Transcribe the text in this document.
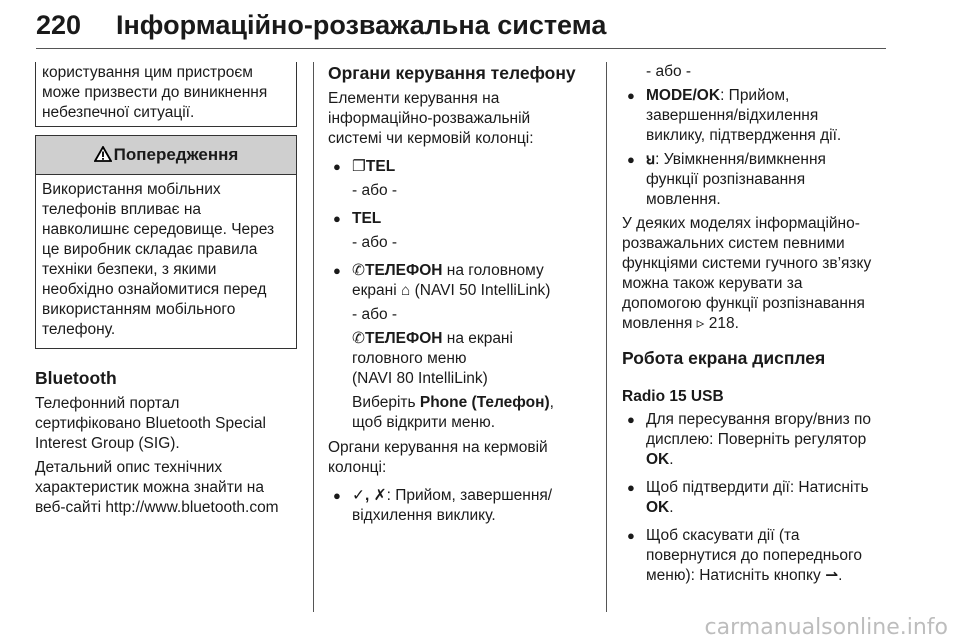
220 Інформаційно-розважальна система

користування цим пристроєм

може призвести до виникнення

небезпечної ситуації.

Попередження

Використання мобільних

телефонів впливає на

навколишнє середовище. Через

це виробник складає правила

техніки безпеки, з якими

необхідно ознайомитися перед

використанням мобільного

телефону.

Bluetooth

Телефонний портал

сертифіковано Bluetooth Special

Interest Group (SIG).

Детальний опис технічних

характеристик можна знайти на

веб-сайті http://www.bluetooth.com

Органи керування телефону

Елементи керування на

інформаційно-розважальній

системі чи кермовій колонці:

● ❐TEL

- або -

● TEL

- або -

● ✆ТЕЛЕФОН на головному

екрані ⌂ (NAVI 50 IntelliLink)

- або -

✆ТЕЛЕФОН на екрані

головного меню

(NAVI 80 IntelliLink)

Виберіть Phone (Телефон),

щоб відкрити меню.

Органи керування на кермовій

колонці:

● ✓, ✗: Прийом, завершення/

відхилення виклику.

- або -

● MODE/OK: Прийом,

завершення/відхилення

виклику, підтвердження дії.

● ꞟ: Увімкнення/вимкнення

функції розпізнавання

мовлення.

У деяких моделях інформаційно-

розважальних систем певними

функціями системи гучного зв’язку

можна також керувати за

допомогою функції розпізнавання

мовлення ▹ 218.

Робота екрана дисплея
Radio 15 USB
● Для пересування вгору/вниз по

дисплею: Поверніть регулятор

OK.

● Щоб підтвердити дії: Натисніть

OK.

● Щоб скасувати дії (та

повернутися до попереднього

меню): Натисніть кнопку ⇀.

carmanualsonline.info
